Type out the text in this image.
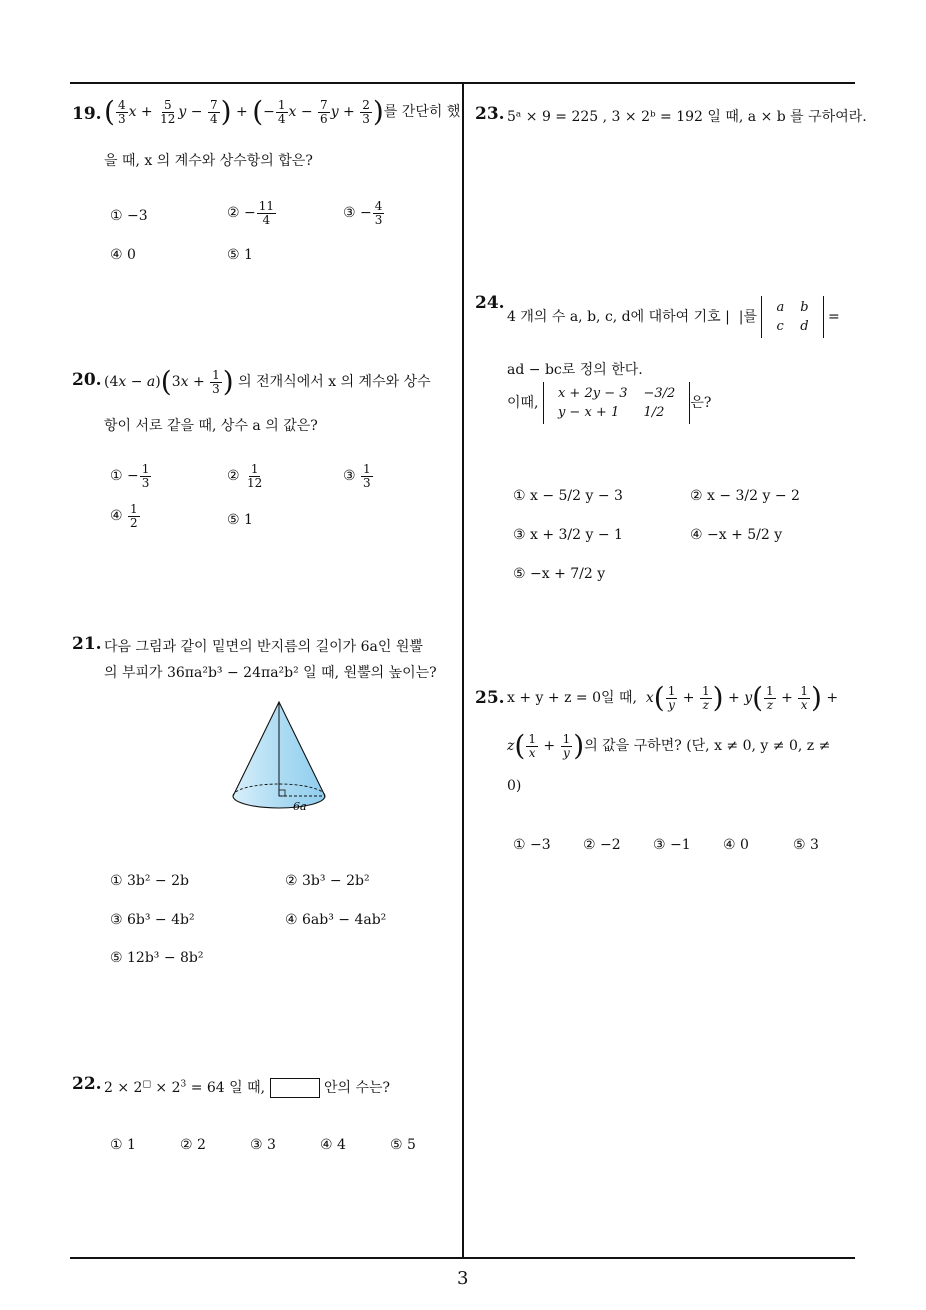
3
19. ( $\frac{4}{3}$ $x + \frac{5}{12}$ $y - \frac{7}{4}$ ) + (− $\frac{1}{4}$ $x - \frac{7}{6}$ $y + \frac{2}{3}$ )를 간단히 했
을 때, x 의 계수와 상수항의 합은?
① −3	② − $\frac{11}{4}$	③ − $\frac{4}{3}$
④ 0	⑤ 1
20. $(4x - a)(3x + \frac{1}{3}$ ) 의 전개식에서 x 의 계수와 상수
항이 서로 같을 때, 상수 a 의 값은?
① − $\frac{1}{3}$	② $\frac{1}{12}$	③ $\frac{1}{3}$
④ $\frac{1}{2}$	⑤ 1
21. 다음 그림과 같이 밑면의 반지름의 길이가 6a인 원뿔
의 부피가 36πa²b³ − 24πa²b² 일 때, 원뿔의 높이는?
6a
① 3b² − 2b	② 3b³ − 2b²
③ 6b³ − 4b²	④ 6ab³ − 4ab²
⑤ 12b³ − 8b²
22. $2 \times 2^□ \times 2^3 = 64$ 일 때,	안의 수는?
① 1	② 2	③ 3	④ 4	⑤ 5
23. 5ᵃ × 9 = 225 , 3 × 2ᵇ = 192 일 때, a × b 를 구하여라.
24.
4 개의 수 a, b, c, d에 대하여 기호 |  |를
a	b
c	d
=
ad − bc로 정의 한다.
이때,
x + 2y − 3	−3/2
y − x + 1	1/2
은?
① x − 5/2 y − 3	② x − 3/2 y − 2
③ x + 3/2 y − 1	④ −x + 5/2 y
⑤ −x + 7/2 y
25. x + y + z = 0일 때, $x( \frac{1}{y} + \frac{1}{z}$ ) + $y( \frac{1}{z} + \frac{1}{x}$ ) +
$z( \frac{1}{x} + \frac{1}{y}$ )의 값을 구하면? (단, x ≠ 0, y ≠ 0, z ≠
0)
① −3 ② −2 ③ −1 ④ 0	⑤ 3
